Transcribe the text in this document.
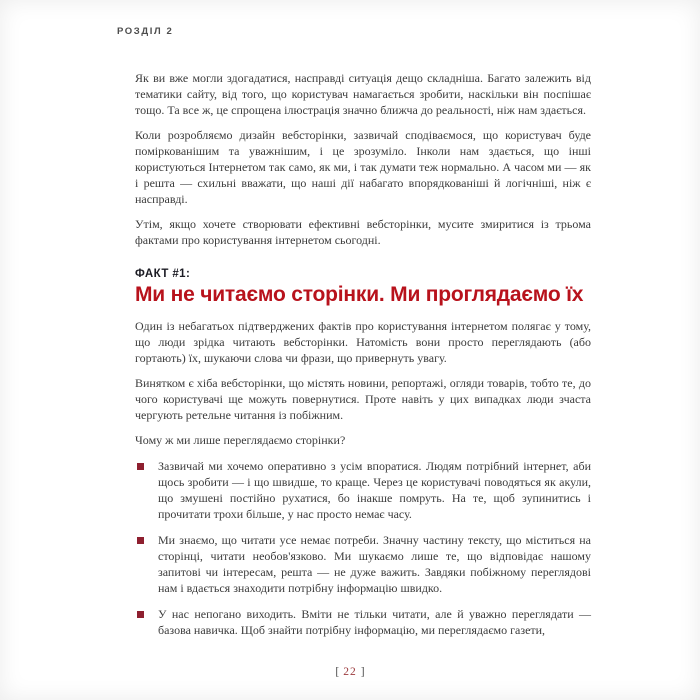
РОЗДІЛ 2

Як ви вже могли здогадатися, насправді ситуація дещо складніша. Багато залежить від тематики сайту, від того, що користувач намагається зробити, наскільки він поспішає тощо. Та все ж, це спрощена ілюстрація значно ближча до реальності, ніж нам здається.

Коли розробляємо дизайн вебсторінки, зазвичай сподіваємося, що користувач буде поміркованішим та уважнішим, і це зрозуміло. Інколи нам здається, що інші користуються Інтернетом так само, як ми, і так думати теж нормально. А часом ми — як і решта — схильні вважати, що наші дії набагато впорядкованіші й логічніші, ніж є насправді.

Утім, якщо хочете створювати ефективні вебсторінки, мусите змиритися із трьома фактами про користування інтернетом сьогодні.

ФАКТ #1:
Ми не читаємо сторінки. Ми проглядаємо їх

Один із небагатьох підтверджених фактів про користування інтернетом полягає у тому, що люди зрідка читають вебсторінки. Натомість вони просто переглядають (або гортають) їх, шукаючи слова чи фрази, що привернуть увагу.

Винятком є хіба вебсторінки, що містять новини, репортажі, огляди товарів, тобто те, до чого користувачі ще можуть повернутися. Проте навіть у цих випадках люди зчаста чергують ретельне читання із побіжним.

Чому ж ми лише переглядаємо сторінки?

Зазвичай ми хочемо оперативно з усім впоратися. Людям потрібний інтернет, аби щось зробити — і що швидше, то краще. Через це користувачі поводяться як акули, що змушені постійно рухатися, бо інакше помруть. На те, щоб зупинитись і прочитати трохи більше, у нас просто немає часу.
Ми знаємо, що читати усе немає потреби. Значну частину тексту, що міститься на сторінці, читати необов'язково. Ми шукаємо лише те, що відповідає нашому запитові чи інтересам, решта — не дуже важить. Завдяки побіжному переглядові нам і вдається знаходити потрібну інформацію швидко.
У нас непогано виходить. Вміти не тільки читати, але й уважно переглядати — базова навичка. Щоб знайти потрібну інформацію, ми переглядаємо газети,
[ 22 ]
